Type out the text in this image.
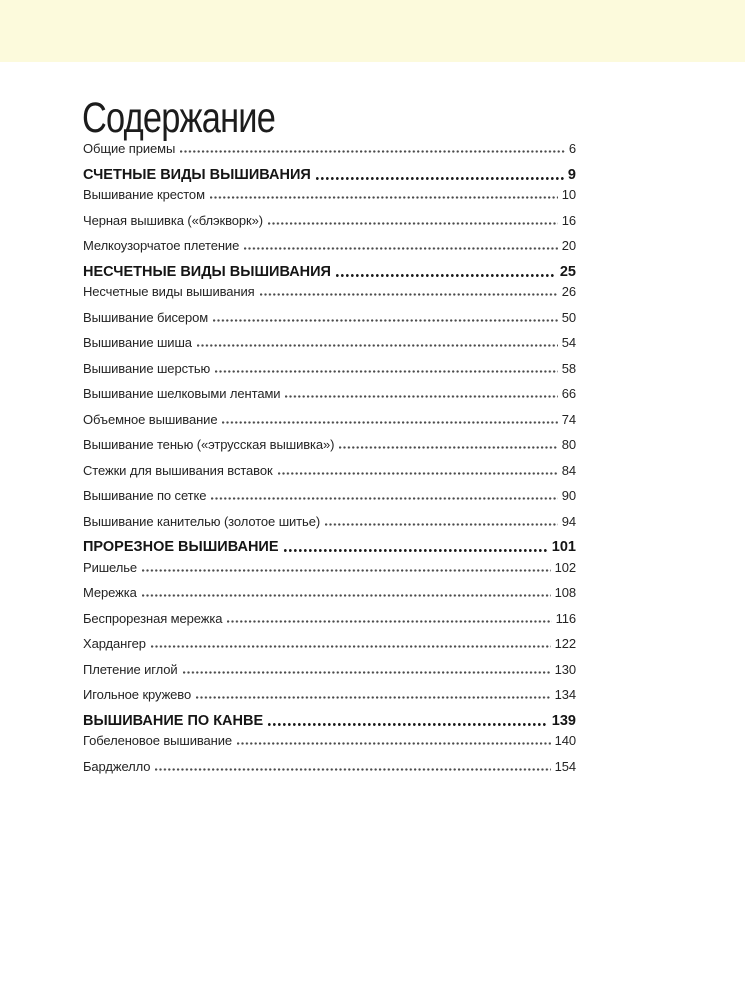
Содержание
Общие приемы	6
СЧЕТНЫЕ ВИДЫ ВЫШИВАНИЯ	9
Вышивание крестом	10
Черная вышивка («блэкворк»)	16
Мелкоузорчатое плетение	20
НЕСЧЕТНЫЕ ВИДЫ ВЫШИВАНИЯ	25
Несчетные виды вышивания	26
Вышивание бисером	50
Вышивание шиша	54
Вышивание шерстью	58
Вышивание шелковыми лентами	66
Объемное вышивание	74
Вышивание тенью («этрусская вышивка»)	80
Стежки для вышивания вставок	84
Вышивание по сетке	90
Вышивание канителью (золотое шитье)	94
ПРОРЕЗНОЕ ВЫШИВАНИЕ	101
Ришелье	102
Мережка	108
Беспрорезная мережка	116
Хардангер	122
Плетение иглой	130
Игольное кружево	134
ВЫШИВАНИЕ ПО КАНВЕ	139
Гобеленовое вышивание	140
Барджелло	154
